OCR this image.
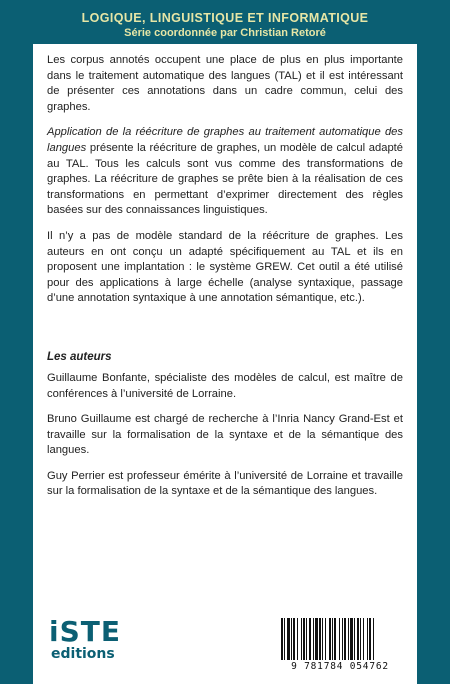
LOGIQUE, LINGUISTIQUE ET INFORMATIQUE
Série coordonnée par Christian Retoré

Les corpus annotés occupent une place de plus en plus importante dans le traitement automatique des langues (TAL) et il est intéressant de présenter ces annotations dans un cadre commun, celui des graphes.

Application de la réécriture de graphes au traitement automatique des langues présente la réécriture de graphes, un modèle de calcul adapté au TAL. Tous les calculs sont vus comme des transformations de graphes. La réécriture de graphes se prête bien à la réalisation de ces transformations en permettant d’exprimer directement des règles basées sur des connaissances linguistiques.

Il n’y a pas de modèle standard de la réécriture de graphes. Les auteurs en ont conçu un adapté spécifiquement au TAL et ils en proposent une implantation : le système GREW. Cet outil a été utilisé pour des applications à large échelle (analyse syntaxique, passage d’une annotation syntaxique à une annotation sémantique, etc.).

Les auteurs

Guillaume Bonfante, spécialiste des modèles de calcul, est maître de conférences à l’université de Lorraine.

Bruno Guillaume est chargé de recherche à l’Inria Nancy Grand-Est et travaille sur la formalisation de la syntaxe et de la sémantique des langues.

Guy Perrier est professeur émérite à l’université de Lorraine et travaille sur la formalisation de la syntaxe et de la sémantique des langues.

iSTE
editions
9 781784 054762
